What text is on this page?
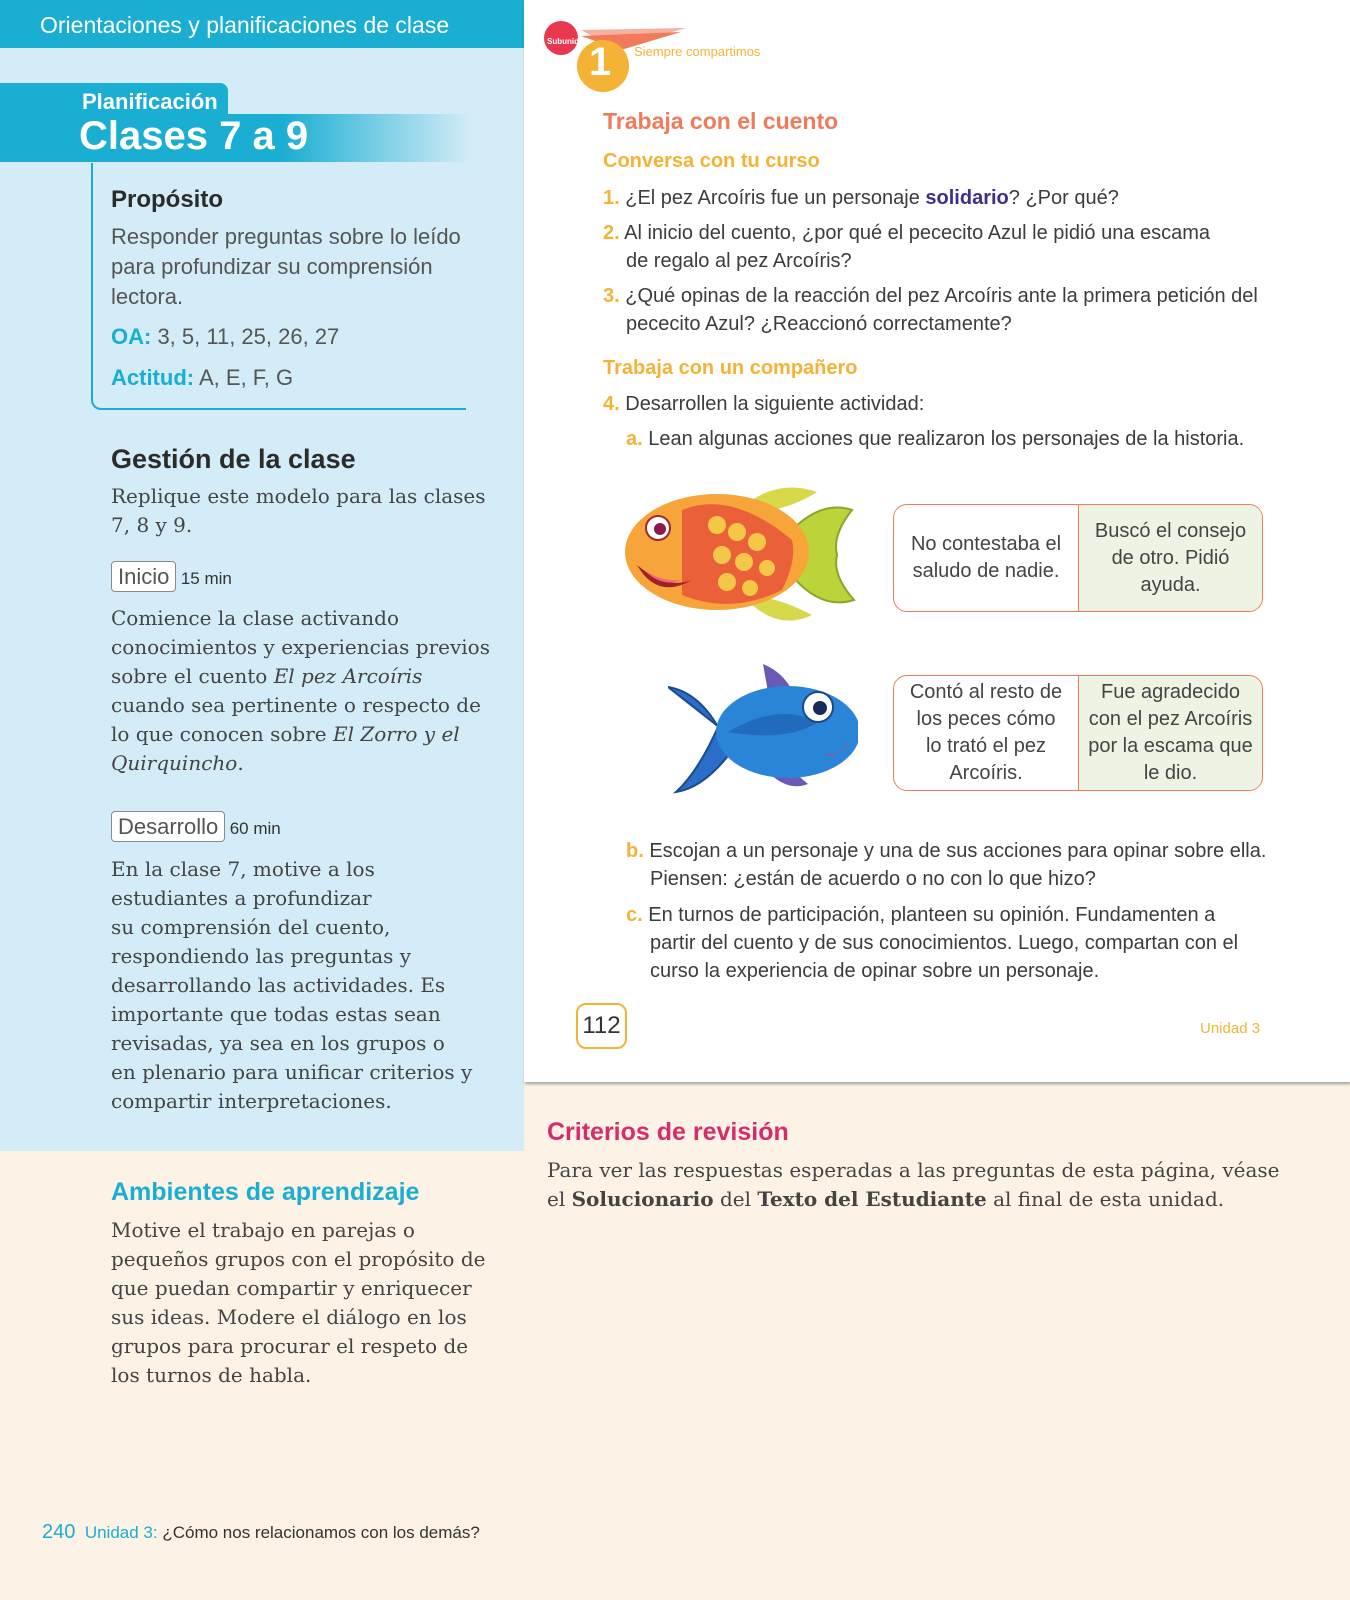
Orientaciones y planificaciones de clase
Planificación
Clases 7 a 9
Propósito
Responder preguntas sobre lo leído
para profundizar su comprensión
lectora.
OA: 3, 5, 11, 25, 26, 27
Actitud: A, E, F, G
Gestión de la clase
Replique este modelo para las clases
7, 8 y 9.
Inicio 15 min
Comience la clase activando
conocimientos y experiencias previos
sobre el cuento El pez Arcoíris
cuando sea pertinente o respecto de
lo que conocen sobre El Zorro y el
Quirquincho.
Desarrollo 60 min
En la clase 7, motive a los
estudiantes a profundizar
su comprensión del cuento,
respondiendo las preguntas y
desarrollando las actividades. Es
importante que todas estas sean
revisadas, ya sea en los grupos o
en plenario para unificar criterios y
compartir interpretaciones.
Ambientes de aprendizaje
Motive el trabajo en parejas o
pequeños grupos con el propósito de
que puedan compartir y enriquecer
sus ideas. Modere el diálogo en los
grupos para procurar el respeto de
los turnos de habla.
240 Unidad 3: ¿Cómo nos relacionamos con los demás?
Subunidad 1 Siempre compartimos
Trabaja con el cuento
Conversa con tu curso
1. ¿El pez Arcoíris fue un personaje solidario? ¿Por qué?
2. Al inicio del cuento, ¿por qué el pececito Azul le pidió una escama
de regalo al pez Arcoíris?
3. ¿Qué opinas de la reacción del pez Arcoíris ante la primera petición del
pececito Azul? ¿Reaccionó correctamente?
Trabaja con un compañero
4. Desarrollen la siguiente actividad:
a. Lean algunas acciones que realizaron los personajes de la historia.
No contestaba el
saludo de nadie.
Buscó el consejo
de otro. Pidió
ayuda.
Contó al resto de
los peces cómo
lo trató el pez
Arcoíris.
Fue agradecido
con el pez Arcoíris
por la escama que
le dio.
b. Escojan a un personaje y una de sus acciones para opinar sobre ella.
Piensen: ¿están de acuerdo o no con lo que hizo?
c. En turnos de participación, planteen su opinión. Fundamenten a
partir del cuento y de sus conocimientos. Luego, compartan con el
curso la experiencia de opinar sobre un personaje.
112	Unidad 3
Criterios de revisión
Para ver las respuestas esperadas a las preguntas de esta página, véase
el Solucionario del Texto del Estudiante al final de esta unidad.
